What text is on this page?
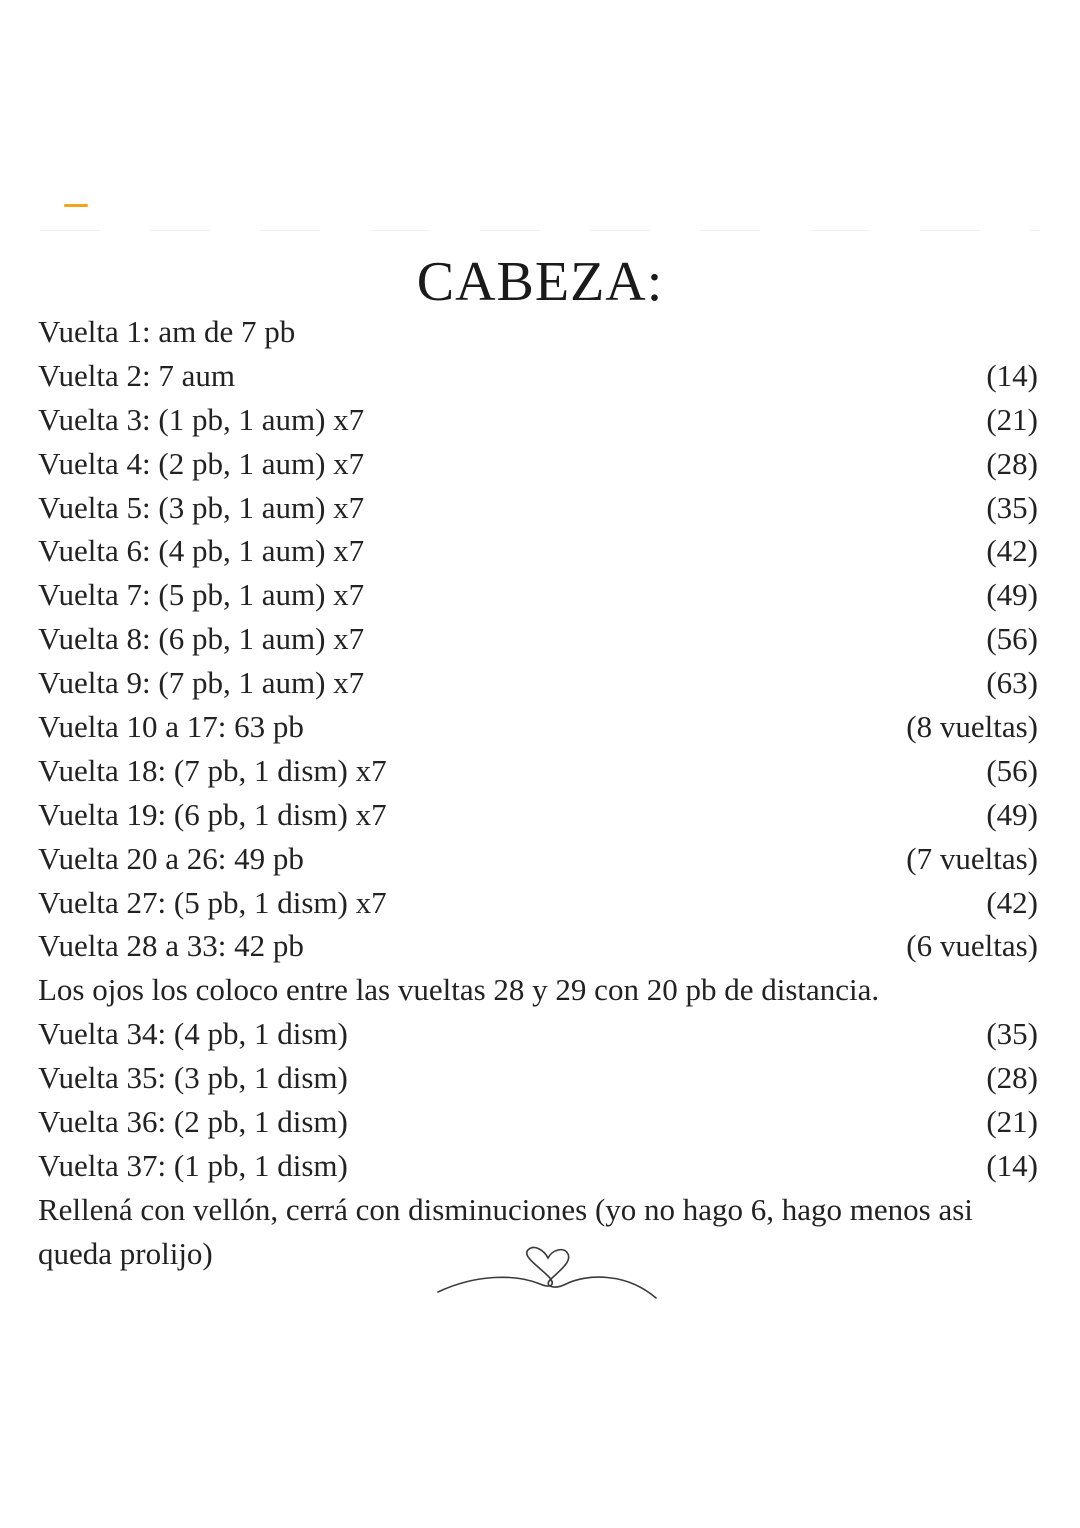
CABEZA:
Vuelta 1: am de 7 pb
Vuelta 2: 7 aum	(14)
Vuelta 3: (1 pb, 1 aum) x7	(21)
Vuelta 4: (2 pb, 1 aum) x7	(28)
Vuelta 5: (3 pb, 1 aum) x7	(35)
Vuelta 6: (4 pb, 1 aum) x7	(42)
Vuelta 7: (5 pb, 1 aum) x7	(49)
Vuelta 8: (6 pb, 1 aum) x7	(56)
Vuelta 9: (7 pb, 1 aum) x7	(63)
Vuelta 10 a 17: 63 pb	(8 vueltas)
Vuelta 18: (7 pb, 1 dism) x7	(56)
Vuelta 19: (6 pb, 1 dism) x7	(49)
Vuelta 20 a 26: 49 pb	(7 vueltas)
Vuelta 27: (5 pb, 1 dism) x7	(42)
Vuelta 28 a 33: 42 pb	(6 vueltas)
Los ojos los coloco entre las vueltas 28 y 29 con 20 pb de distancia.
Vuelta 34: (4 pb, 1 dism)	(35)
Vuelta 35: (3 pb, 1 dism)	(28)
Vuelta 36: (2 pb, 1 dism)	(21)
Vuelta 37: (1 pb, 1 dism)	(14)
Rellená con vellón, cerrá con disminuciones (yo no hago 6, hago menos asi queda prolijo)
